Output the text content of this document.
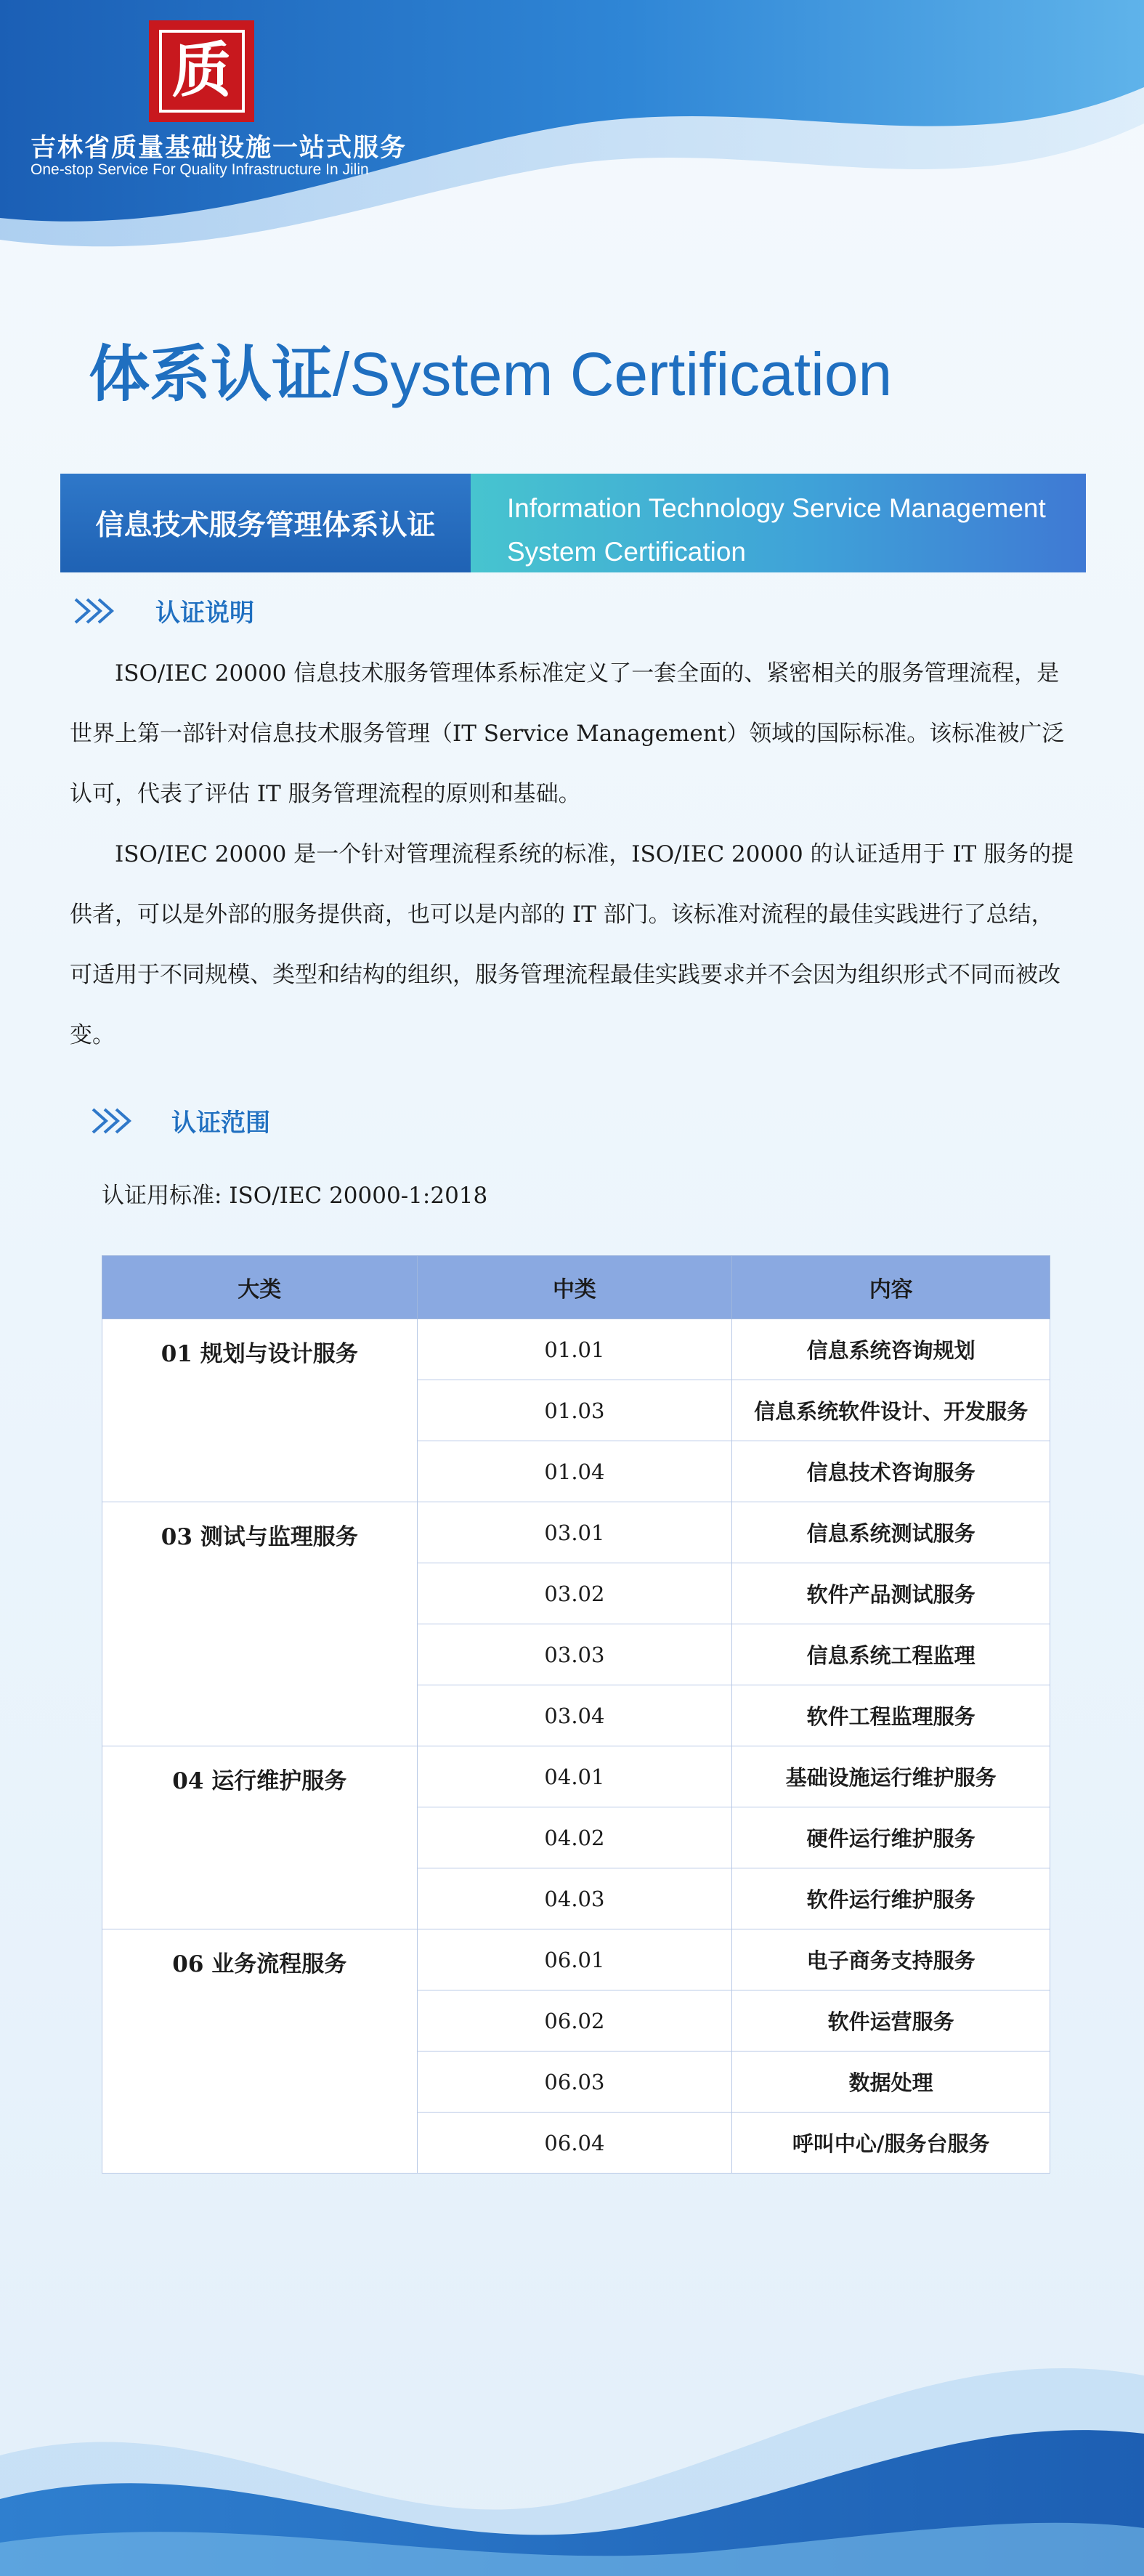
质
吉林省质量基础设施一站式服务
One-stop Service For Quality Infrastructure In Jilin
体系认证/System Certification
信息技术服务管理体系认证
Information Technology Service Management
System Certification
认证说明
ISO/IEC 20000 信息技术服务管理体系标准定义了一套全面的、紧密相关的服务管理流程，是世界上第一部针对信息技术服务管理（IT Service Management）领域的国际标准。该标准被广泛认可，代表了评估 IT 服务管理流程的原则和基础。
ISO/IEC 20000 是一个针对管理流程系统的标准，ISO/IEC 20000 的认证适用于 IT 服务的提供者，可以是外部的服务提供商，也可以是内部的 IT 部门。该标准对流程的最佳实践进行了总结，可适用于不同规模、类型和结构的组织，服务管理流程最佳实践要求并不会因为组织形式不同而被改变。
认证范围
认证用标准: ISO/IEC 20000-1:2018
大类	中类	内容
01 规划与设计服务	01.01	信息系统咨询规划
	01.03	信息系统软件设计、开发服务
	01.04	信息技术咨询服务
03 测试与监理服务	03.01	信息系统测试服务
	03.02	软件产品测试服务
	03.03	信息系统工程监理
	03.04	软件工程监理服务
04 运行维护服务	04.01	基础设施运行维护服务
	04.02	硬件运行维护服务
	04.03	软件运行维护服务
06 业务流程服务	06.01	电子商务支持服务
	06.02	软件运营服务
	06.03	数据处理
	06.04	呼叫中心/服务台服务
